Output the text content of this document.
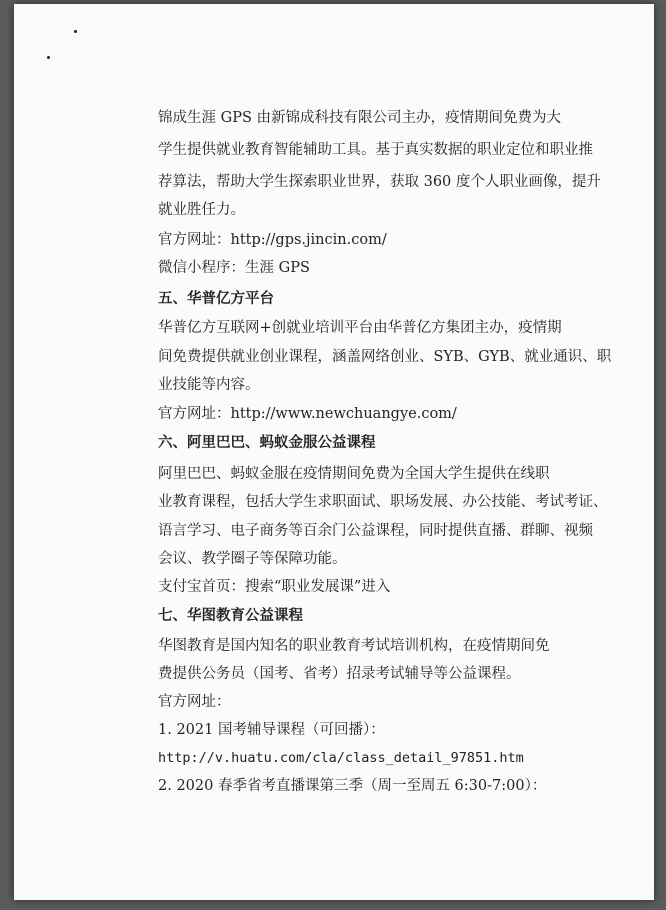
锦成生涯 GPS 由新锦成科技有限公司主办，疫情期间免费为大
学生提供就业教育智能辅助工具。基于真实数据的职业定位和职业推
荐算法，帮助大学生探索职业世界，获取 360 度个人职业画像，提升
就业胜任力。
官方网址：http://gps.jincin.com/
微信小程序：生涯 GPS
五、华普亿方平台
华普亿方互联网+创就业培训平台由华普亿方集团主办，疫情期
间免费提供就业创业课程，涵盖网络创业、SYB、GYB、就业通识、职
业技能等内容。
官方网址：http://www.newchuangye.com/
六、阿里巴巴、蚂蚁金服公益课程
阿里巴巴、蚂蚁金服在疫情期间免费为全国大学生提供在线职
业教育课程，包括大学生求职面试、职场发展、办公技能、考试考证、
语言学习、电子商务等百余门公益课程，同时提供直播、群聊、视频
会议、教学圈子等保障功能。
支付宝首页：搜索“职业发展课”进入
七、华图教育公益课程
华图教育是国内知名的职业教育考试培训机构，在疫情期间免
费提供公务员（国考、省考）招录考试辅导等公益课程。
官方网址：
1. 2021 国考辅导课程（可回播）：
http://v.huatu.com/cla/class_detail_97851.htm
2. 2020 春季省考直播课第三季（周一至周五 6:30-7:00）：
